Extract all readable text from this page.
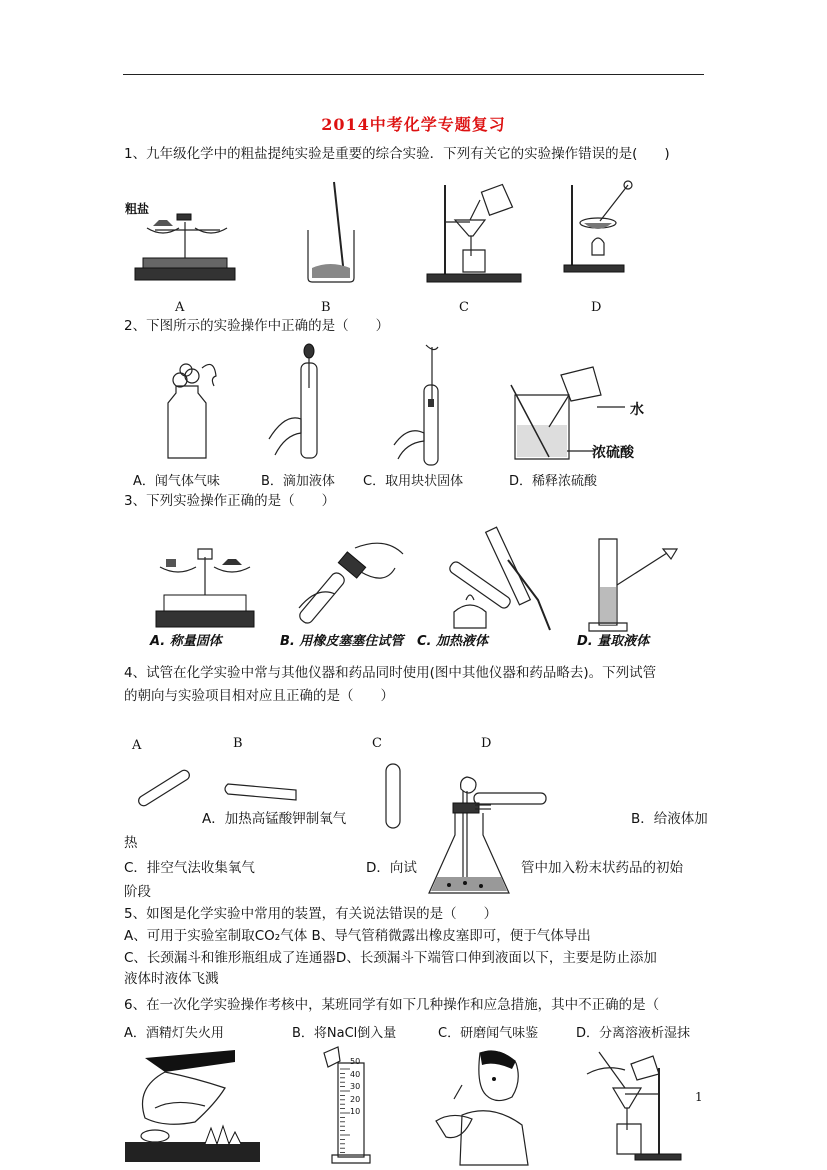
2014中考化学专题复习
1、九年级化学中的粗盐提纯实验是重要的综合实验．下列有关它的实验操作错误的是(　　)
粗盐
A	B	C	D
2、下图所示的实验操作中正确的是（　　）
水
浓硫酸
A．闻气体气味	B．滴加液体 C．取用块状固体	D．稀释浓硫酸
3、下列实验操作正确的是（　　）
A. 称量固体	B. 用橡皮塞塞住试管 C. 加热液体	D. 量取液体
4、试管在化学实验中常与其他仪器和药品同时使用(图中其他仪器和药品略去)。下列试管
的朝向与实验项目相对应且正确的是（　　）
A	B	C	D
A．加热高锰酸钾制氧气	B．给液体加
热
C．排空气法收集氧气	D．向试	管中加入粉末状药品的初始
阶段
5、如图是化学实验中常用的装置，有关说法错误的是（　　）
A、可用于实验室制取CO₂气体 B、导气管稍微露出橡皮塞即可，便于气体导出
C、长颈漏斗和锥形瓶组成了连通器D、长颈漏斗下端管口伸到液面以下，主要是防止添加
液体时液体飞溅
6、在一次化学实验操作考核中，某班同学有如下几种操作和应急措施，其中不正确的是（
A．酒精灯失火用	B．将NaCl倒入量	C．研磨闻气味鉴	D．分离溶液析湿抹
50
40
30
20
10
1
